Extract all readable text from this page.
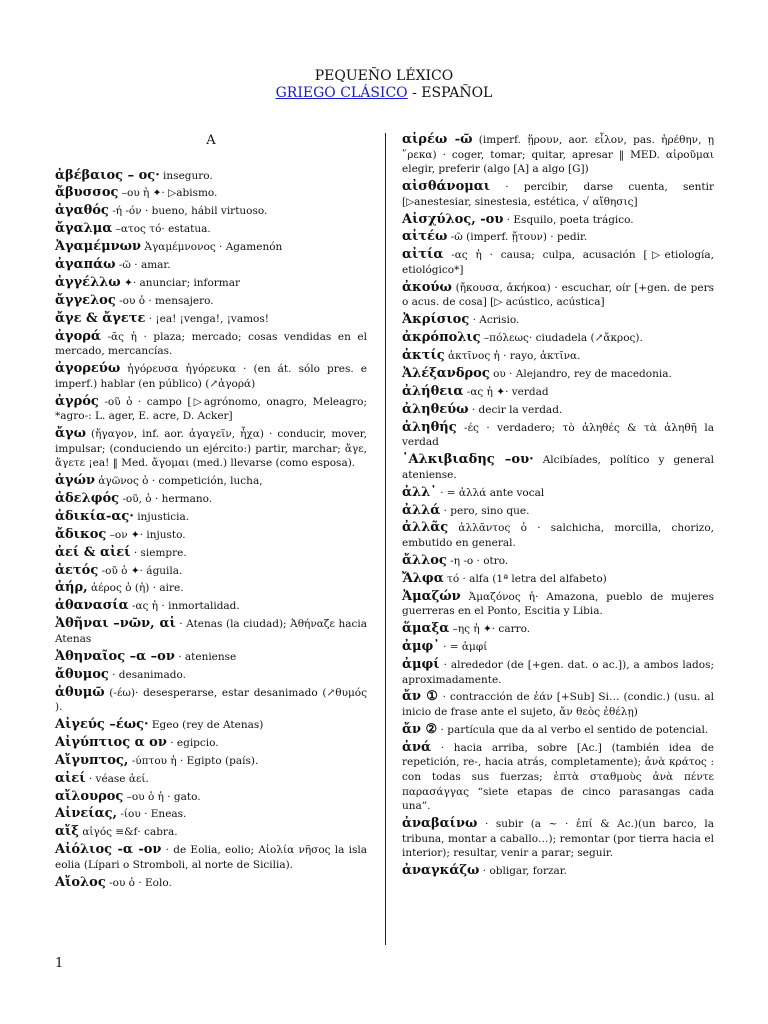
PEQUEÑO LÉXICO
GRIEGO CLÁSICO - ESPAÑOL
A
ἀβέβαιος – ος· inseguro.
ἄβυσσος –ου ἡ ✦· ▷abismo.
ἀγαθός -ή -όν · bueno, hábil virtuoso.
ἄγαλμα –ατος τό· estatua.
Ἀγαμέμνων Ἀγαμέμνονος · Agamenón
ἀγαπάω -ῶ · amar.
ἀγγέλλω ✦· anunciar; informar
ἄγγελος -ου ὁ · mensajero.
ἄγε & ἄγετε · ¡ea! ¡venga!, ¡vamos!
ἀγορά -ᾶς ἡ · plaza; mercado; cosas vendidas en el mercado, mercancías.
ἀγορεύω ἠγόρευσα ἠγόρευκα · (en át. sólo pres. e imperf.) hablar (en público) (↗ἀγορά)
ἀγρός -οῦ ὁ · campo [▷agrónomo, onagro, Meleagro; *agro-: L. ager, E. acre, D. Acker]
ἄγω (ἤγαγον, inf. aor. ἀγαγεῖν, ἦχα) · conducir, mover, impulsar; (conduciendo un ejército:) partir, marchar; ἄγε, ἄγετε ¡ea! ‖ Med. ἄγομαι (med.) llevarse (como esposa).
ἀγών ἀγῶνος ὁ · competición, lucha,
ἀδελφός -οῦ, ὁ · hermano.
ἀδικία-ας· injusticia.
ἄδικος –ον ✦· injusto.
ἀεί & αἰεί · siempre.
ἀετός -οῦ ὁ ✦· águila.
ἀήρ, ἀέρος ὁ (ἡ) · aire.
ἀθανασία -ας ἡ · inmortalidad.
Ἀθῆναι –νῶν, αἱ · Atenas (la ciudad); Ἀθήναζε hacia Atenas
Ἀθηναῖος –α –ον · ateniense
ἄθυμος · desanimado.
ἀθυμῶ (-έω)· desesperarse, estar desanimado (↗θυμός ).
Αἰγεύς –έως· Egeo (rey de Atenas)
Αἰγύπτιος α ον · egipcio.
Αἴγυπτος, -ύπτου ἡ · Egipto (país).
αἰεί · véase ἀεί.
αἴλουρος –ου ὁ ἡ · gato.
Αἰνείας, -ίου · Eneas.
αἴξ αἰγός ≡&f· cabra.
Αἰόλιος -α -ον · de Eolia, eolio; Αἰολία νῆσος la isla eolia (Lípari o Stromboli, al norte de Sicilia).
Αἴολος -ου ὁ · Eolo.
αἱρέω -ῶ (imperf. ᾕρουν, aor. εἷλον, pas. ἡρέθην, ῃ ῞ρεκα) · coger, tomar; quitar, apresar ‖ MED. αἱροῦμαι elegir, preferir (algo [A] a algo [G])
αἰσθάνομαι · percibir, darse cuenta, sentir [▷anestesiar, sinestesia, estética, √ αἴθησις]
Αἰσχύλος, -ου · Esquilo, poeta trágico.
αἰτέω -ῶ (imperf. ᾔτουν) · pedir.
αἰτία -ας ἡ · causa; culpa, acusación [▷etiología, etiológico*]
ἀκούω (ἤκουσα, ἀκήκοα) · escuchar, oír [+gen. de pers o acus. de cosa] [▷ acústico, acústica]
Ἀκρίσιος · Acrisio.
ἀκρόπολις –πόλεως· ciudadela (↗ἄκρος).
ἀκτίς ἀκτῖνος ἡ · rayo, ἀκτῖνα.
Ἀλέξανδρος ου · Alejandro, rey de macedonia.
ἀλήθεια -ας ἡ ✦· verdad
ἀληθεύω · decir la verdad.
ἀληθής -ές · verdadero; τὸ ἀληθές & τὰ ἀληθῆ la verdad
᾿Αλκιβιαδης –ου· Alcibíades, político y general ateniense.
ἀλλ᾿ · = ἀλλά ante vocal
ἀλλά · pero, sino que.
ἀλλᾶς ἀλλᾶντος ὁ · salchicha, morcilla, chorizo, embutido en general.
ἄλλος -η -ο · otro.
Ἄλφα τό · alfa (1ª letra del alfabeto)
Ἀμαζών Ἀμαζόνος ἡ· Amazona, pueblo de mujeres guerreras en el Ponto, Escitia y Libia.
ἅμαξα –ης ἡ ✦· carro.
ἀμφ᾿ · = ἀμφί
ἀμφί · alrededor (de [+gen. dat. o ac.]), a ambos lados; aproximadamente.
ἄν ① · contracción de ἐάν [+Sub] Si… (condic.) (usu. al inicio de frase ante el sujeto, ἄν θεὸς ἐθέλῃ)
ἄν ② · partícula que da al verbo el sentido de potencial.
ἀνά · hacia arriba, sobre [Ac.] (también idea de repetición, re-, hacia atrás, completamente); ἀνὰ κράτος : con todas sus fuerzas; ἑπτὰ σταθμοὺς ἀνὰ πέντε παρασάγγας “siete etapas de cinco parasangas cada una”.
ἀναβαίνω · subir (a ~ · ἐπί & Ac.)(un barco, la tribuna, montar a caballo…); remontar (por tierra hacia el interior); resultar, venir a parar; seguir.
ἀναγκάζω · obligar, forzar.
1
